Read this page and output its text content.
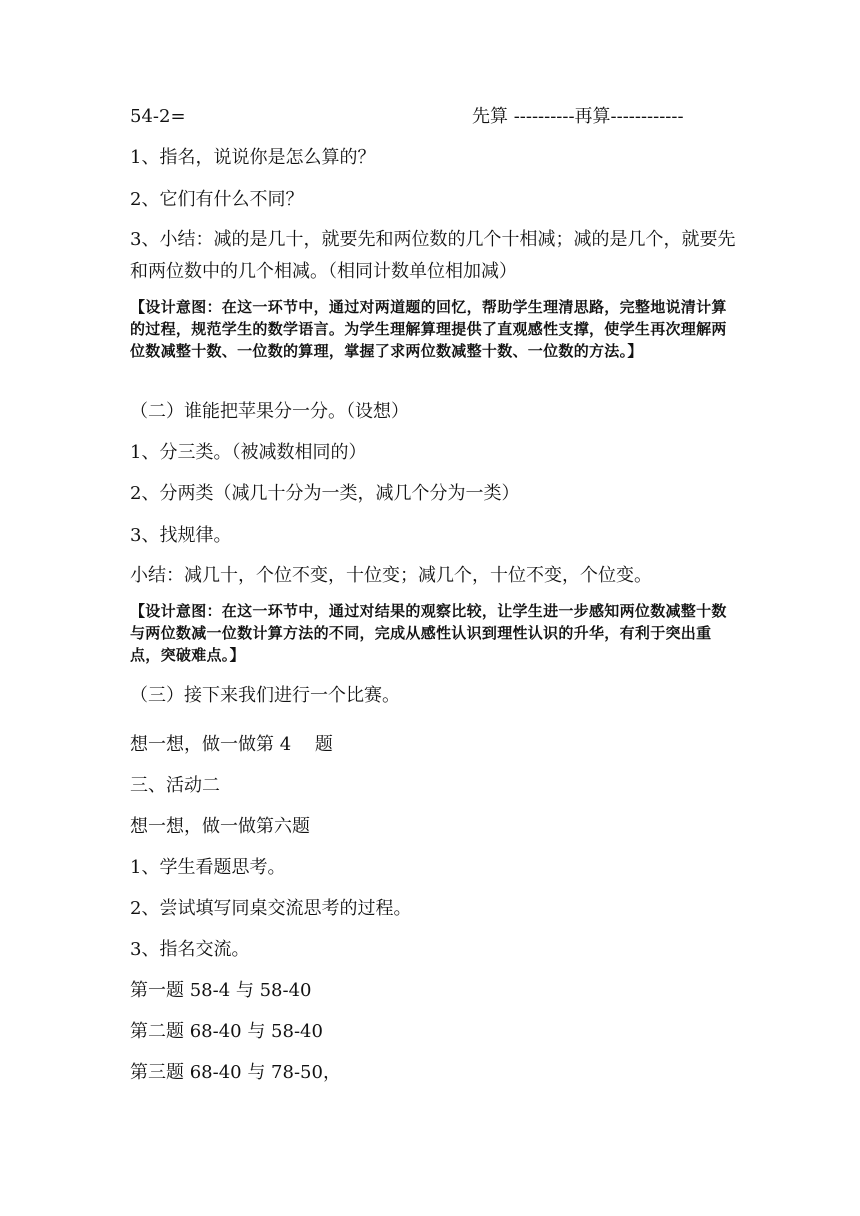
54-2=	先算 ----------再算------------
1、指名，说说你是怎么算的？
2、它们有什么不同？
3、小结：减的是几十，就要先和两位数的几个十相减；减的是几个，就要先和两位数中的几个相减。（相同计数单位相加减）
【设计意图：在这一环节中，通过对两道题的回忆，帮助学生理清思路，完整地说清计算的过程，规范学生的数学语言。为学生理解算理提供了直观感性支撑，使学生再次理解两位数减整十数、一位数的算理，掌握了求两位数减整十数、一位数的方法。】
（二）谁能把苹果分一分。（设想）
1、分三类。（被减数相同的）
2、分两类（减几十分为一类，减几个分为一类）
3、找规律。
小结：减几十，个位不变，十位变；减几个，十位不变，个位变。
【设计意图：在这一环节中，通过对结果的观察比较，让学生进一步感知两位数减整十数与两位数减一位数计算方法的不同，完成从感性认识到理性认识的升华，有利于突出重点，突破难点。】
（三）接下来我们进行一个比赛。
想一想，做一做第 4　 题
三、活动二
想一想，做一做第六题
1、学生看题思考。
2、尝试填写同桌交流思考的过程。
3、指名交流。
第一题 58-4 与 58-40
第二题 68-40 与 58-40
第三题 68-40 与 78-50，
